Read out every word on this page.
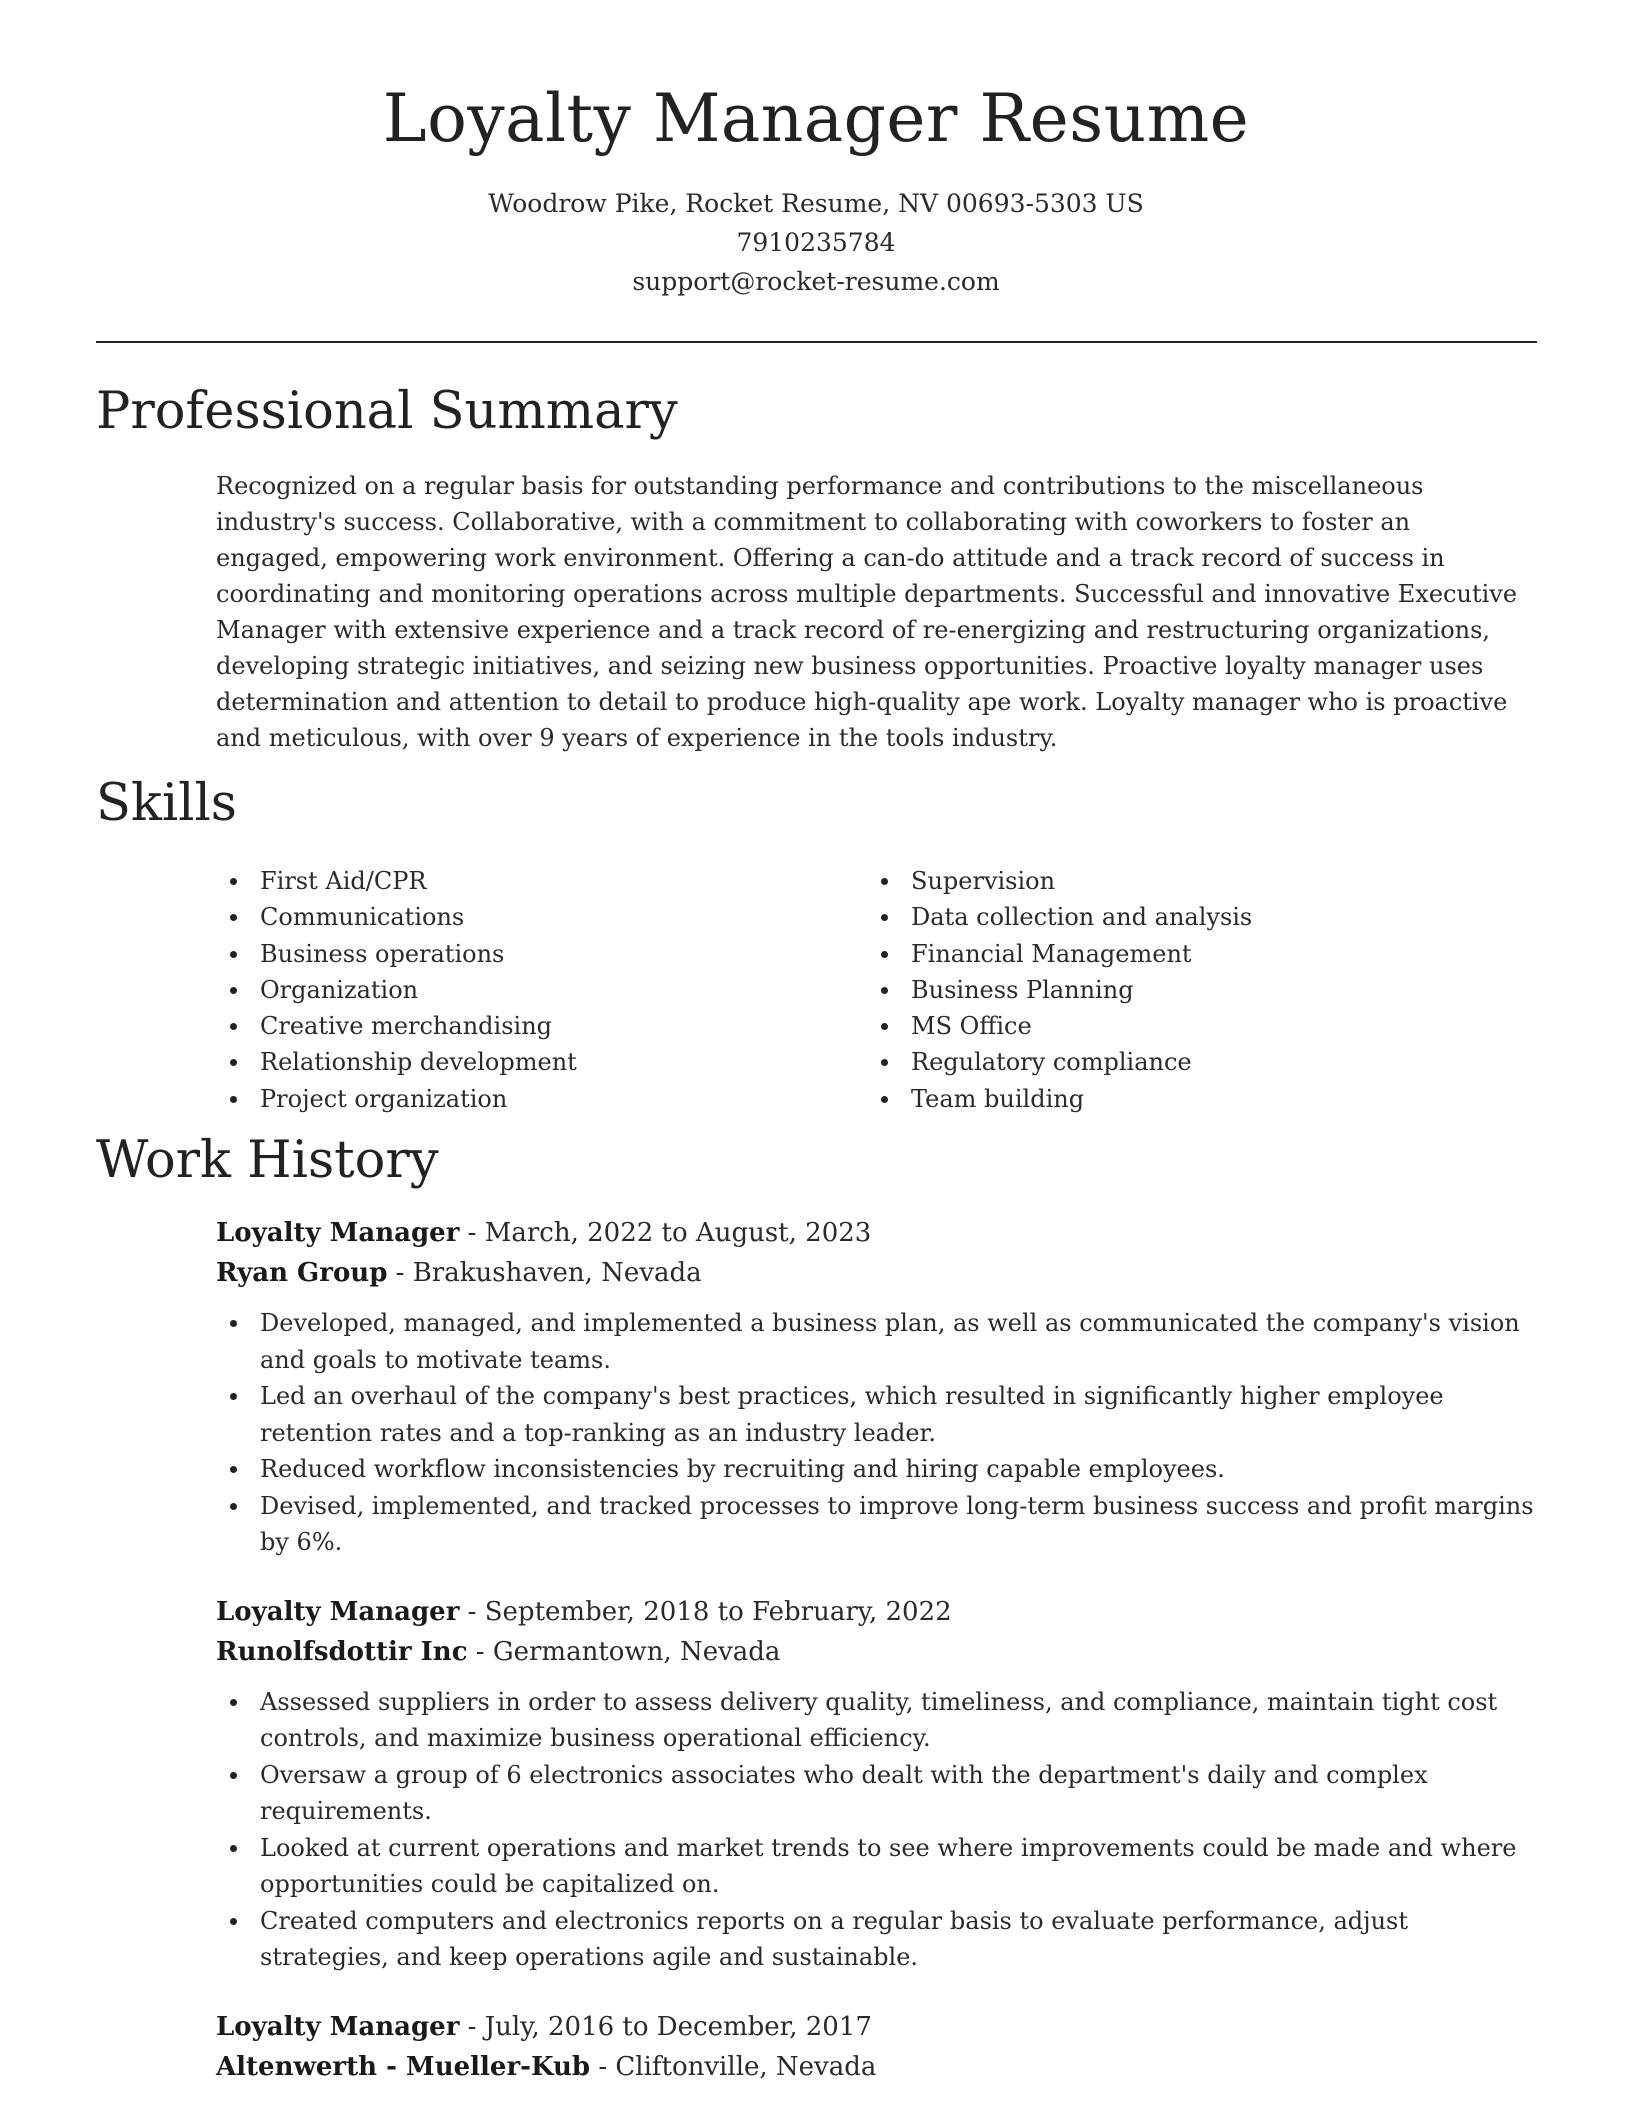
Loyalty Manager Resume
Woodrow Pike, Rocket Resume, NV 00693-5303 US
7910235784
support@rocket-resume.com
Professional Summary

Recognized on a regular basis for outstanding performance and contributions to the miscellaneous industry's success. Collaborative, with a commitment to collaborating with coworkers to foster an engaged, empowering work environment. Offering a can-do attitude and a track record of success in coordinating and monitoring operations across multiple departments. Successful and innovative Executive Manager with extensive experience and a track record of re-energizing and restructuring organizations, developing strategic initiatives, and seizing new business opportunities. Proactive loyalty manager uses determination and attention to detail to produce high-quality ape work. Loyalty manager who is proactive and meticulous, with over 9 years of experience in the tools industry.

Skills
First Aid/CPR
Communications
Business operations
Organization
Creative merchandising
Relationship development
Project organization
Supervision
Data collection and analysis
Financial Management
Business Planning
MS Office
Regulatory compliance
Team building
Work History
Loyalty Manager - March, 2022 to August, 2023
Ryan Group - Brakushaven, Nevada
Developed, managed, and implemented a business plan, as well as communicated the company's vision and goals to motivate teams.
Led an overhaul of the company's best practices, which resulted in significantly higher employee retention rates and a top-ranking as an industry leader.
Reduced workflow inconsistencies by recruiting and hiring capable employees.
Devised, implemented, and tracked processes to improve long-term business success and profit margins by 6%.
Loyalty Manager - September, 2018 to February, 2022
Runolfsdottir Inc - Germantown, Nevada
Assessed suppliers in order to assess delivery quality, timeliness, and compliance, maintain tight cost controls, and maximize business operational efficiency.
Oversaw a group of 6 electronics associates who dealt with the department's daily and complex requirements.
Looked at current operations and market trends to see where improvements could be made and where opportunities could be capitalized on.
Created computers and electronics reports on a regular basis to evaluate performance, adjust strategies, and keep operations agile and sustainable.
Loyalty Manager - July, 2016 to December, 2017
Altenwerth - Mueller-Kub - Cliftonville, Nevada
